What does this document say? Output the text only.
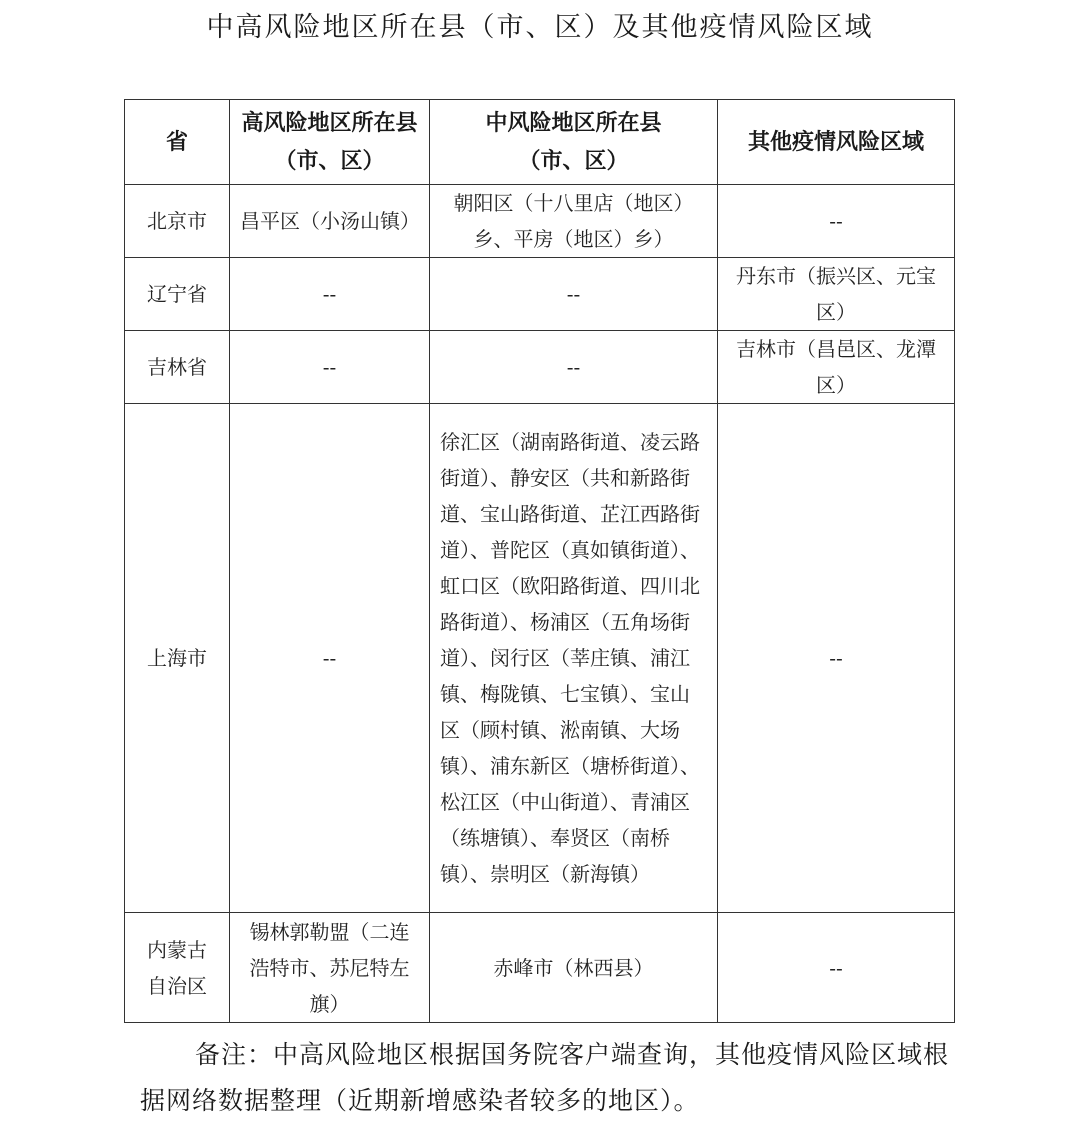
中高风险地区所在县（市、区）及其他疫情风险区域
省	高风险地区所在县（市、区）	中风险地区所在县（市、区）	其他疫情风险区域
北京市	昌平区（小汤山镇）	朝阳区（十八里店（地区）乡、平房（地区）乡）	--
辽宁省	--	--	丹东市（振兴区、元宝区）
吉林省	--	--	吉林市（昌邑区、龙潭区）
上海市	--	徐汇区（湖南路街道、凌云路街道）、静安区（共和新路街道、宝山路街道、芷江西路街道）、普陀区（真如镇街道）、虹口区（欧阳路街道、四川北路街道）、杨浦区（五角场街道）、闵行区（莘庄镇、浦江镇、梅陇镇、七宝镇）、宝山区（顾村镇、淞南镇、大场镇）、浦东新区（塘桥街道）、松江区（中山街道）、青浦区（练塘镇）、奉贤区（南桥镇）、崇明区（新海镇）	--
内蒙古自治区	锡林郭勒盟（二连浩特市、苏尼特左旗）	赤峰市（林西县）	--
备注：中高风险地区根据国务院客户端查询，其他疫情风险区域根据网络数据整理（近期新增感染者较多的地区）。
